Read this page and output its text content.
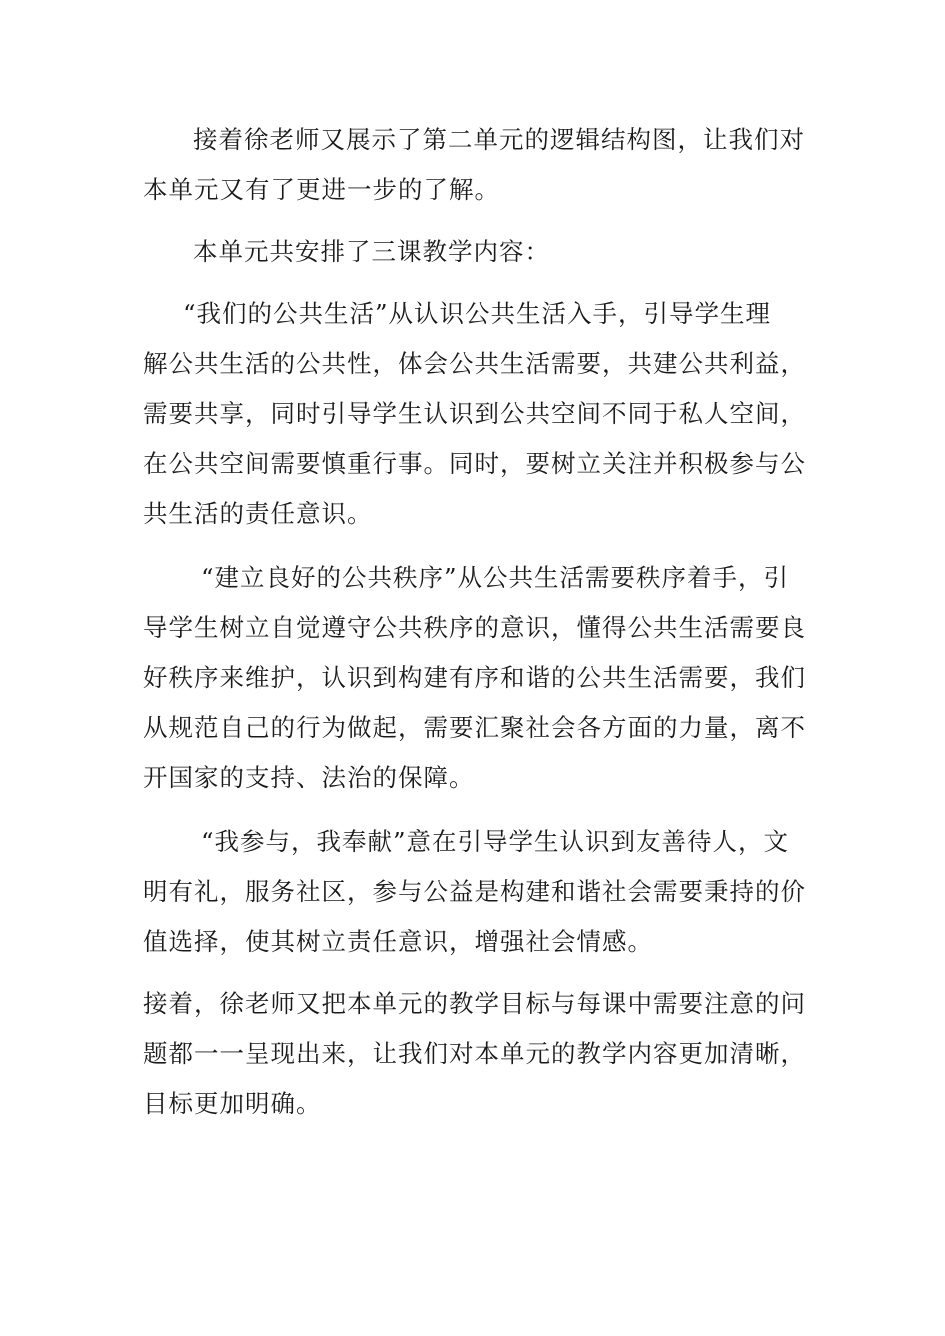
接着徐老师又展示了第二单元的逻辑结构图，让我们对
本单元又有了更进一步的了解。
本单元共安排了三课教学内容：
“我们的公共生活”从认识公共生活入手，引导学生理
解公共生活的公共性，体会公共生活需要，共建公共利益，
需要共享，同时引导学生认识到公共空间不同于私人空间，
在公共空间需要慎重行事。同时，要树立关注并积极参与公
共生活的责任意识。
“建立良好的公共秩序”从公共生活需要秩序着手，引
导学生树立自觉遵守公共秩序的意识，懂得公共生活需要良
好秩序来维护，认识到构建有序和谐的公共生活需要，我们
从规范自己的行为做起，需要汇聚社会各方面的力量，离不
开国家的支持、法治的保障。
“我参与，我奉献”意在引导学生认识到友善待人，文
明有礼，服务社区，参与公益是构建和谐社会需要秉持的价
值选择，使其树立责任意识，增强社会情感。
接着，徐老师又把本单元的教学目标与每课中需要注意的问
题都一一呈现出来，让我们对本单元的教学内容更加清晰，
目标更加明确。
